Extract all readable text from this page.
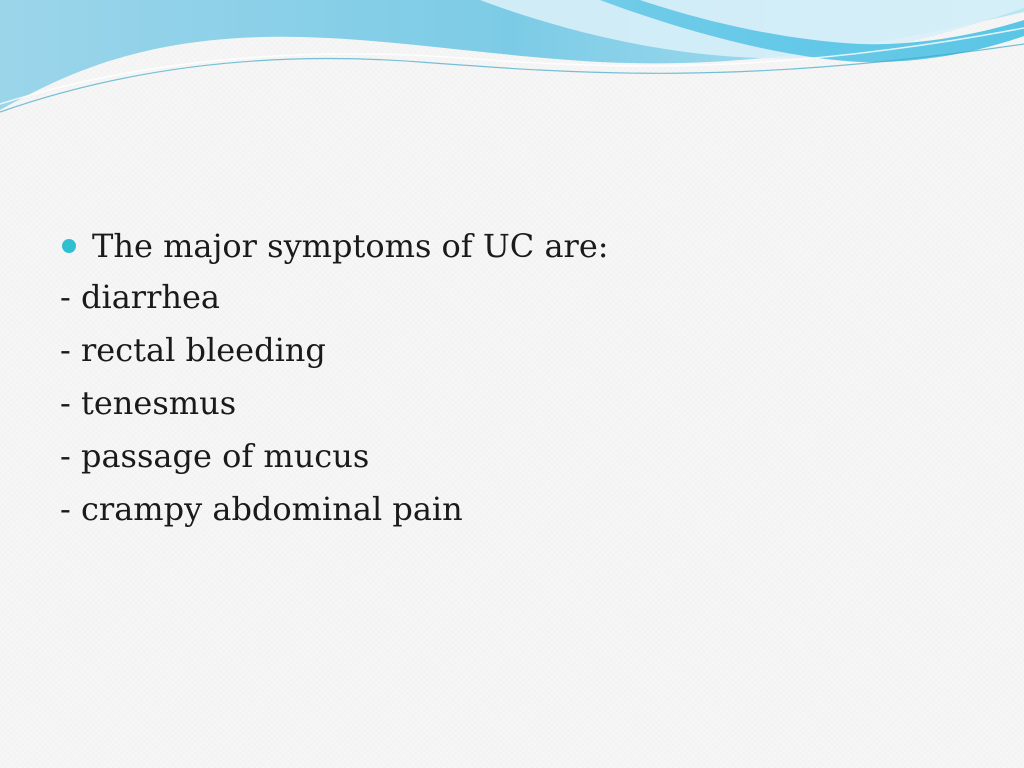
The major symptoms of UC are:
- diarrhea
- rectal bleeding
- tenesmus
- passage of mucus
- crampy abdominal pain
